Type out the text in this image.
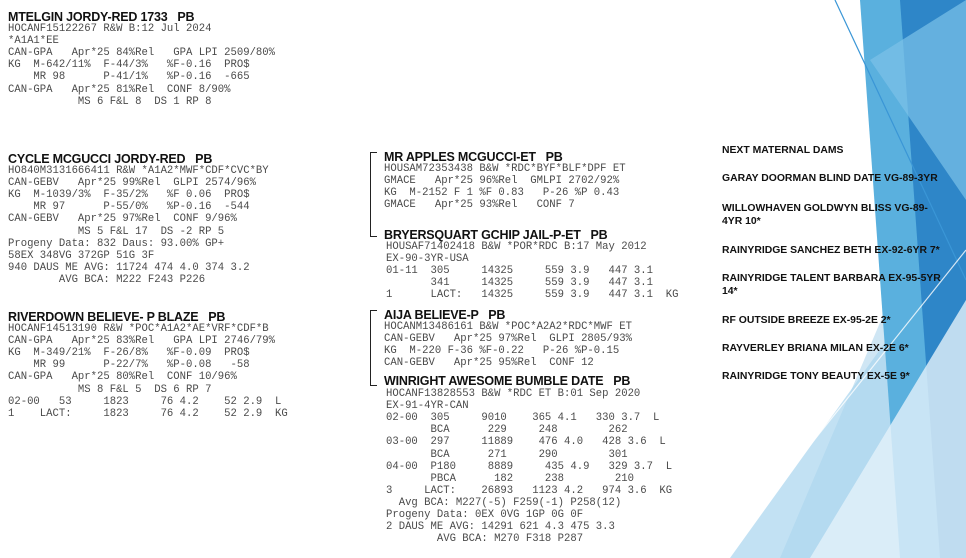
MTELGIN JORDY-RED 1733   PB
HOCANF15122267 R&W B:12 Jul 2024
*A1A1*EE
CAN-GPA   Apr*25 84%Rel   GPA LPI 2509/80%
KG  M-642/11%  F-44/3%   %F-0.16  PRO$
MR 98      P-41/1%   %P-0.16  -665
CAN-GPA   Apr*25 81%Rel  CONF 8/90%
MS 6 F&L 8  DS 1 RP 8
CYCLE MCGUCCI JORDY-RED   PB
HO840M3131666411 R&W *A1A2*MWF*CDF*CVC*BY
CAN-GEBV   Apr*25 99%Rel  GLPI 2574/96%
KG  M-1039/3%  F-35/2%   %F 0.06  PRO$
MR 97      P-55/0%   %P-0.16  -544
CAN-GEBV   Apr*25 97%Rel  CONF 9/96%
MS 5 F&L 17  DS -2 RP 5
Progeny Data: 832 Daus: 93.00% GP+
58EX 348VG 372GP 51G 3F
940 DAUS ME AVG: 11724 474 4.0 374 3.2
AVG BCA: M222 F243 P226
RIVERDOWN BELIEVE- P BLAZE   PB
HOCANF14513190 R&W *POC*A1A2*AE*VRF*CDF*B
CAN-GPA   Apr*25 83%Rel   GPA LPI 2746/79%
KG  M-349/21%  F-26/8%   %F-0.09  PRO$
MR 99      P-22/7%   %P-0.08   -58
CAN-GPA   Apr*25 80%Rel  CONF 10/96%
MS 8 F&L 5  DS 6 RP 7
02-00   53     1823     76 4.2    52 2.9  L
1    LACT:     1823     76 4.2    52 2.9  KG
MR APPLES MCGUCCI-ET   PB
HOUSAM72353438 B&W *RDC*BYF*BLF*DPF ET
GMACE   Apr*25 96%Rel  GMLPI 2702/92%
KG  M-2152 F 1 %F 0.83   P-26 %P 0.43
GMACE   Apr*25 93%Rel   CONF 7
BRYERSQUART GCHIP JAIL-P-ET   PB
HOUSAF71402418 B&W *POR*RDC B:17 May 2012
EX-90-3YR-USA
01-11  305     14325     559 3.9   447 3.1
341     14325     559 3.9   447 3.1
1      LACT:   14325     559 3.9   447 3.1  KG
AIJA BELIEVE-P   PB
HOCANM13486161 B&W *POC*A2A2*RDC*MWF ET
CAN-GEBV   Apr*25 97%Rel  GLPI 2805/93%
KG  M-220 F-36 %F-0.22   P-26 %P-0.15
CAN-GEBV   Apr*25 95%Rel  CONF 12
WINRIGHT AWESOME BUMBLE DATE   PB
HOCANF13828553 B&W *RDC ET B:01 Sep 2020
EX-91-4YR-CAN
02-00  305     9010    365 4.1   330 3.7  L
BCA      229     248        262
03-00  297     11889    476 4.0   428 3.6  L
BCA      271     290        301
04-00  P180     8889     435 4.9   329 3.7  L
PBCA      182     238        210
3     LACT:    26893   1123 4.2   974 3.6  KG
Avg BCA: M227(-5) F259(-1) P258(12)
Progeny Data: 0EX 0VG 1GP 0G 0F
2 DAUS ME AVG: 14291 621 4.3 475 3.3
AVG BCA: M270 F318 P287
NEXT MATERNAL DAMS
GARAY DOORMAN BLIND DATE VG-89-3YR
WILLOWHAVEN GOLDWYN BLISS VG-89-
4YR 10*
RAINYRIDGE SANCHEZ BETH EX-92-6YR 7*
RAINYRIDGE TALENT BARBARA EX-95-5YR
14*
RF OUTSIDE BREEZE EX-95-2E 2*
RAYVERLEY BRIANA MILAN EX-2E 6*
RAINYRIDGE TONY BEAUTY EX-5E 9*
